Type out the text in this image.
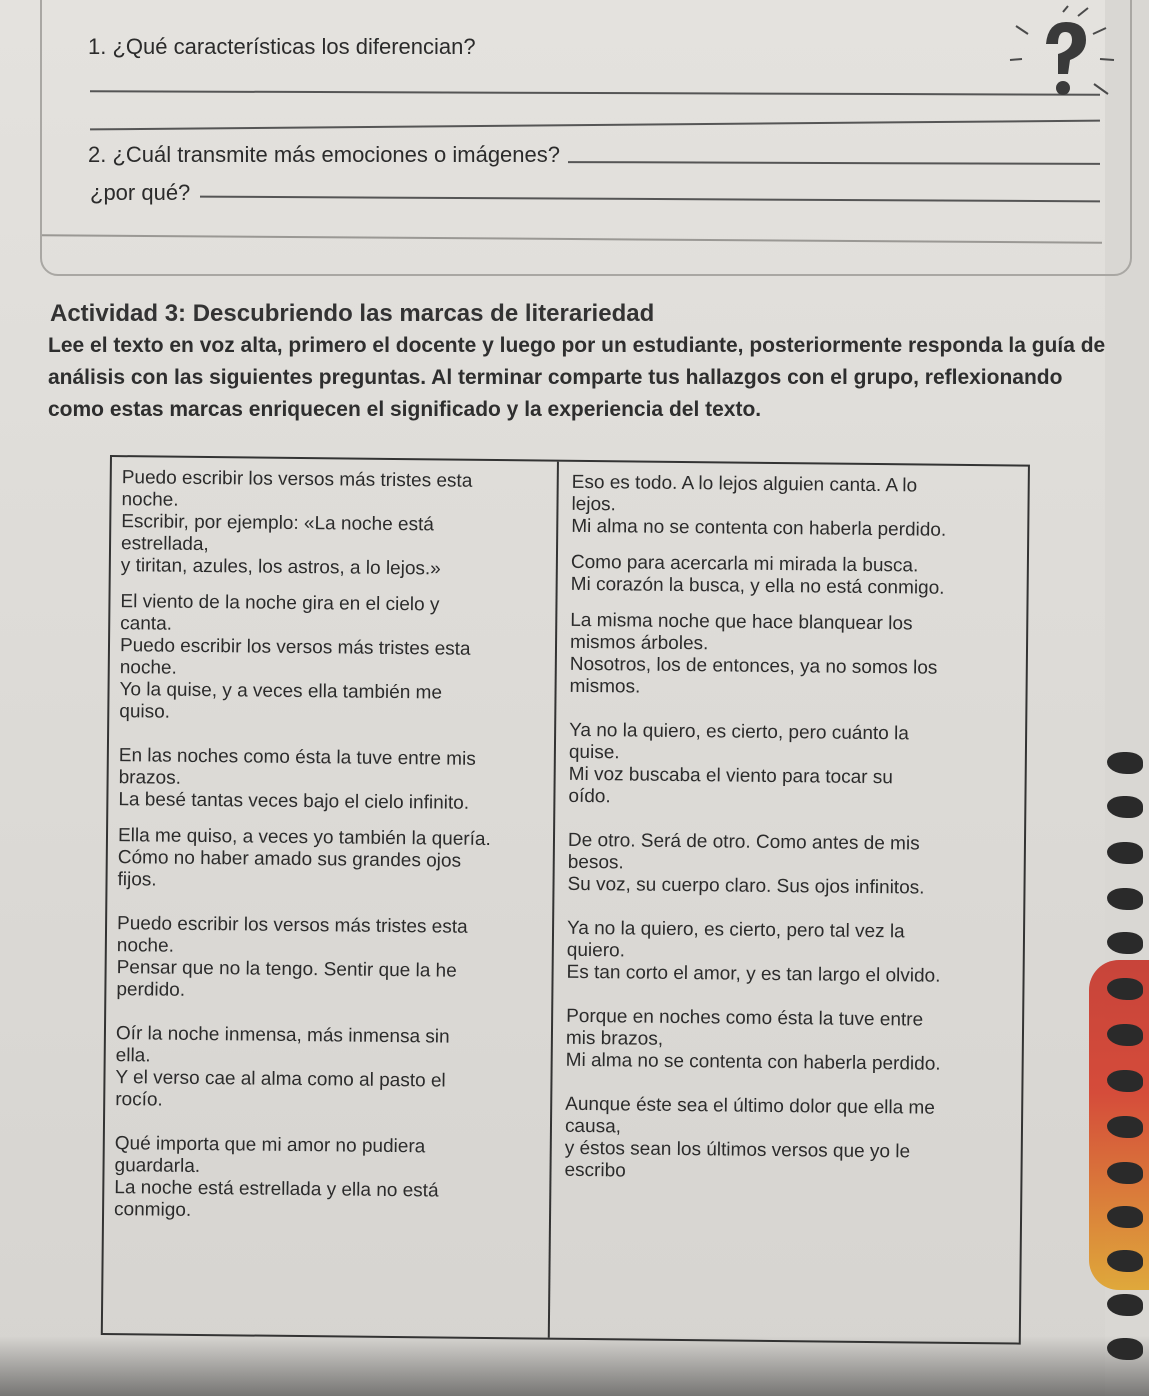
1. ¿Qué características los diferencian?
2. ¿Cuál transmite más emociones o imágenes?
¿por qué?
Actividad 3: Descubriendo las marcas de literariedad
Lee el texto en voz alta, primero el docente y luego por un estudiante, posteriormente responda la guía de análisis con las siguientes preguntas. Al terminar comparte tus hallazgos con el grupo, reflexionando como estas marcas enriquecen el significado y la experiencia del texto.
Puedo escribir los versos más tristes esta
noche.
Escribir, por ejemplo: «La noche está
estrellada,
y tiritan, azules, los astros, a lo lejos.»
El viento de la noche gira en el cielo y
canta.
Puedo escribir los versos más tristes esta
noche.
Yo la quise, y a veces ella también me
quiso.
En las noches como ésta la tuve entre mis
brazos.
La besé tantas veces bajo el cielo infinito.
Ella me quiso, a veces yo también la quería.
Cómo no haber amado sus grandes ojos
fijos.
Puedo escribir los versos más tristes esta
noche.
Pensar que no la tengo. Sentir que la he
perdido.
Oír la noche inmensa, más inmensa sin
ella.
Y el verso cae al alma como al pasto el
rocío.
Qué importa que mi amor no pudiera
guardarla.
La noche está estrellada y ella no está
conmigo.
Eso es todo. A lo lejos alguien canta. A lo
lejos.
Mi alma no se contenta con haberla perdido.
Como para acercarla mi mirada la busca.
Mi corazón la busca, y ella no está conmigo.
La misma noche que hace blanquear los
mismos árboles.
Nosotros, los de entonces, ya no somos los
mismos.
Ya no la quiero, es cierto, pero cuánto la
quise.
Mi voz buscaba el viento para tocar su
oído.
De otro. Será de otro. Como antes de mis
besos.
Su voz, su cuerpo claro. Sus ojos infinitos.
Ya no la quiero, es cierto, pero tal vez la
quiero.
Es tan corto el amor, y es tan largo el olvido.
Porque en noches como ésta la tuve entre
mis brazos,
Mi alma no se contenta con haberla perdido.
Aunque éste sea el último dolor que ella me
causa,
y éstos sean los últimos versos que yo le
escribo
